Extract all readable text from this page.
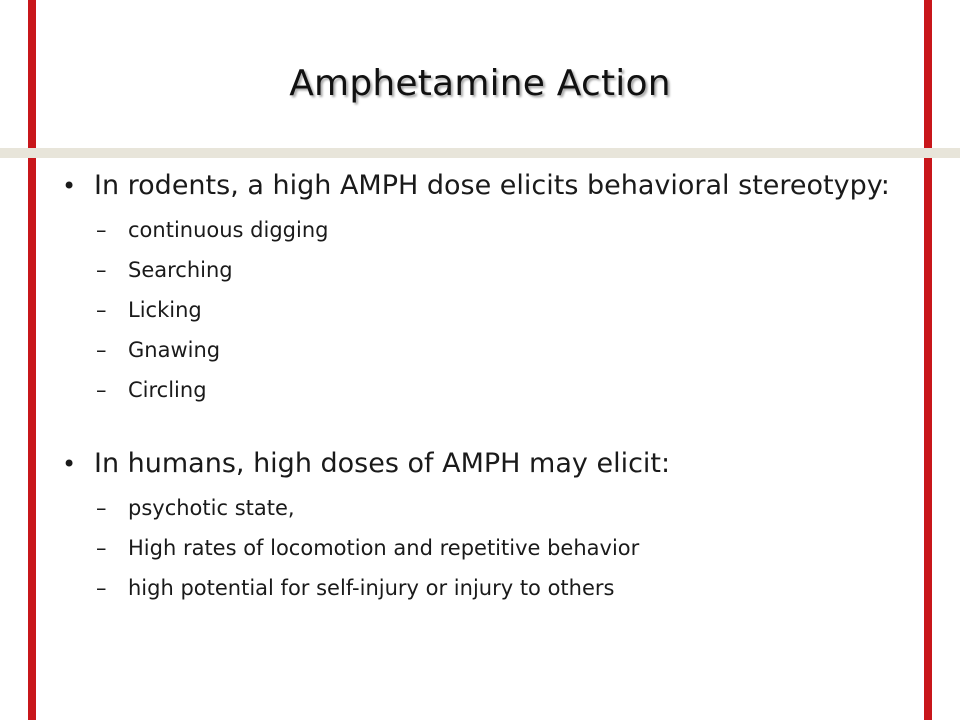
Amphetamine Action
• In rodents, a high AMPH dose elicits behavioral stereotypy:
– continuous digging
– Searching
– Licking
– Gnawing
– Circling
• In humans, high doses of AMPH may elicit:
– psychotic state,
– High rates of locomotion and repetitive behavior
– high potential for self-injury or injury to others
